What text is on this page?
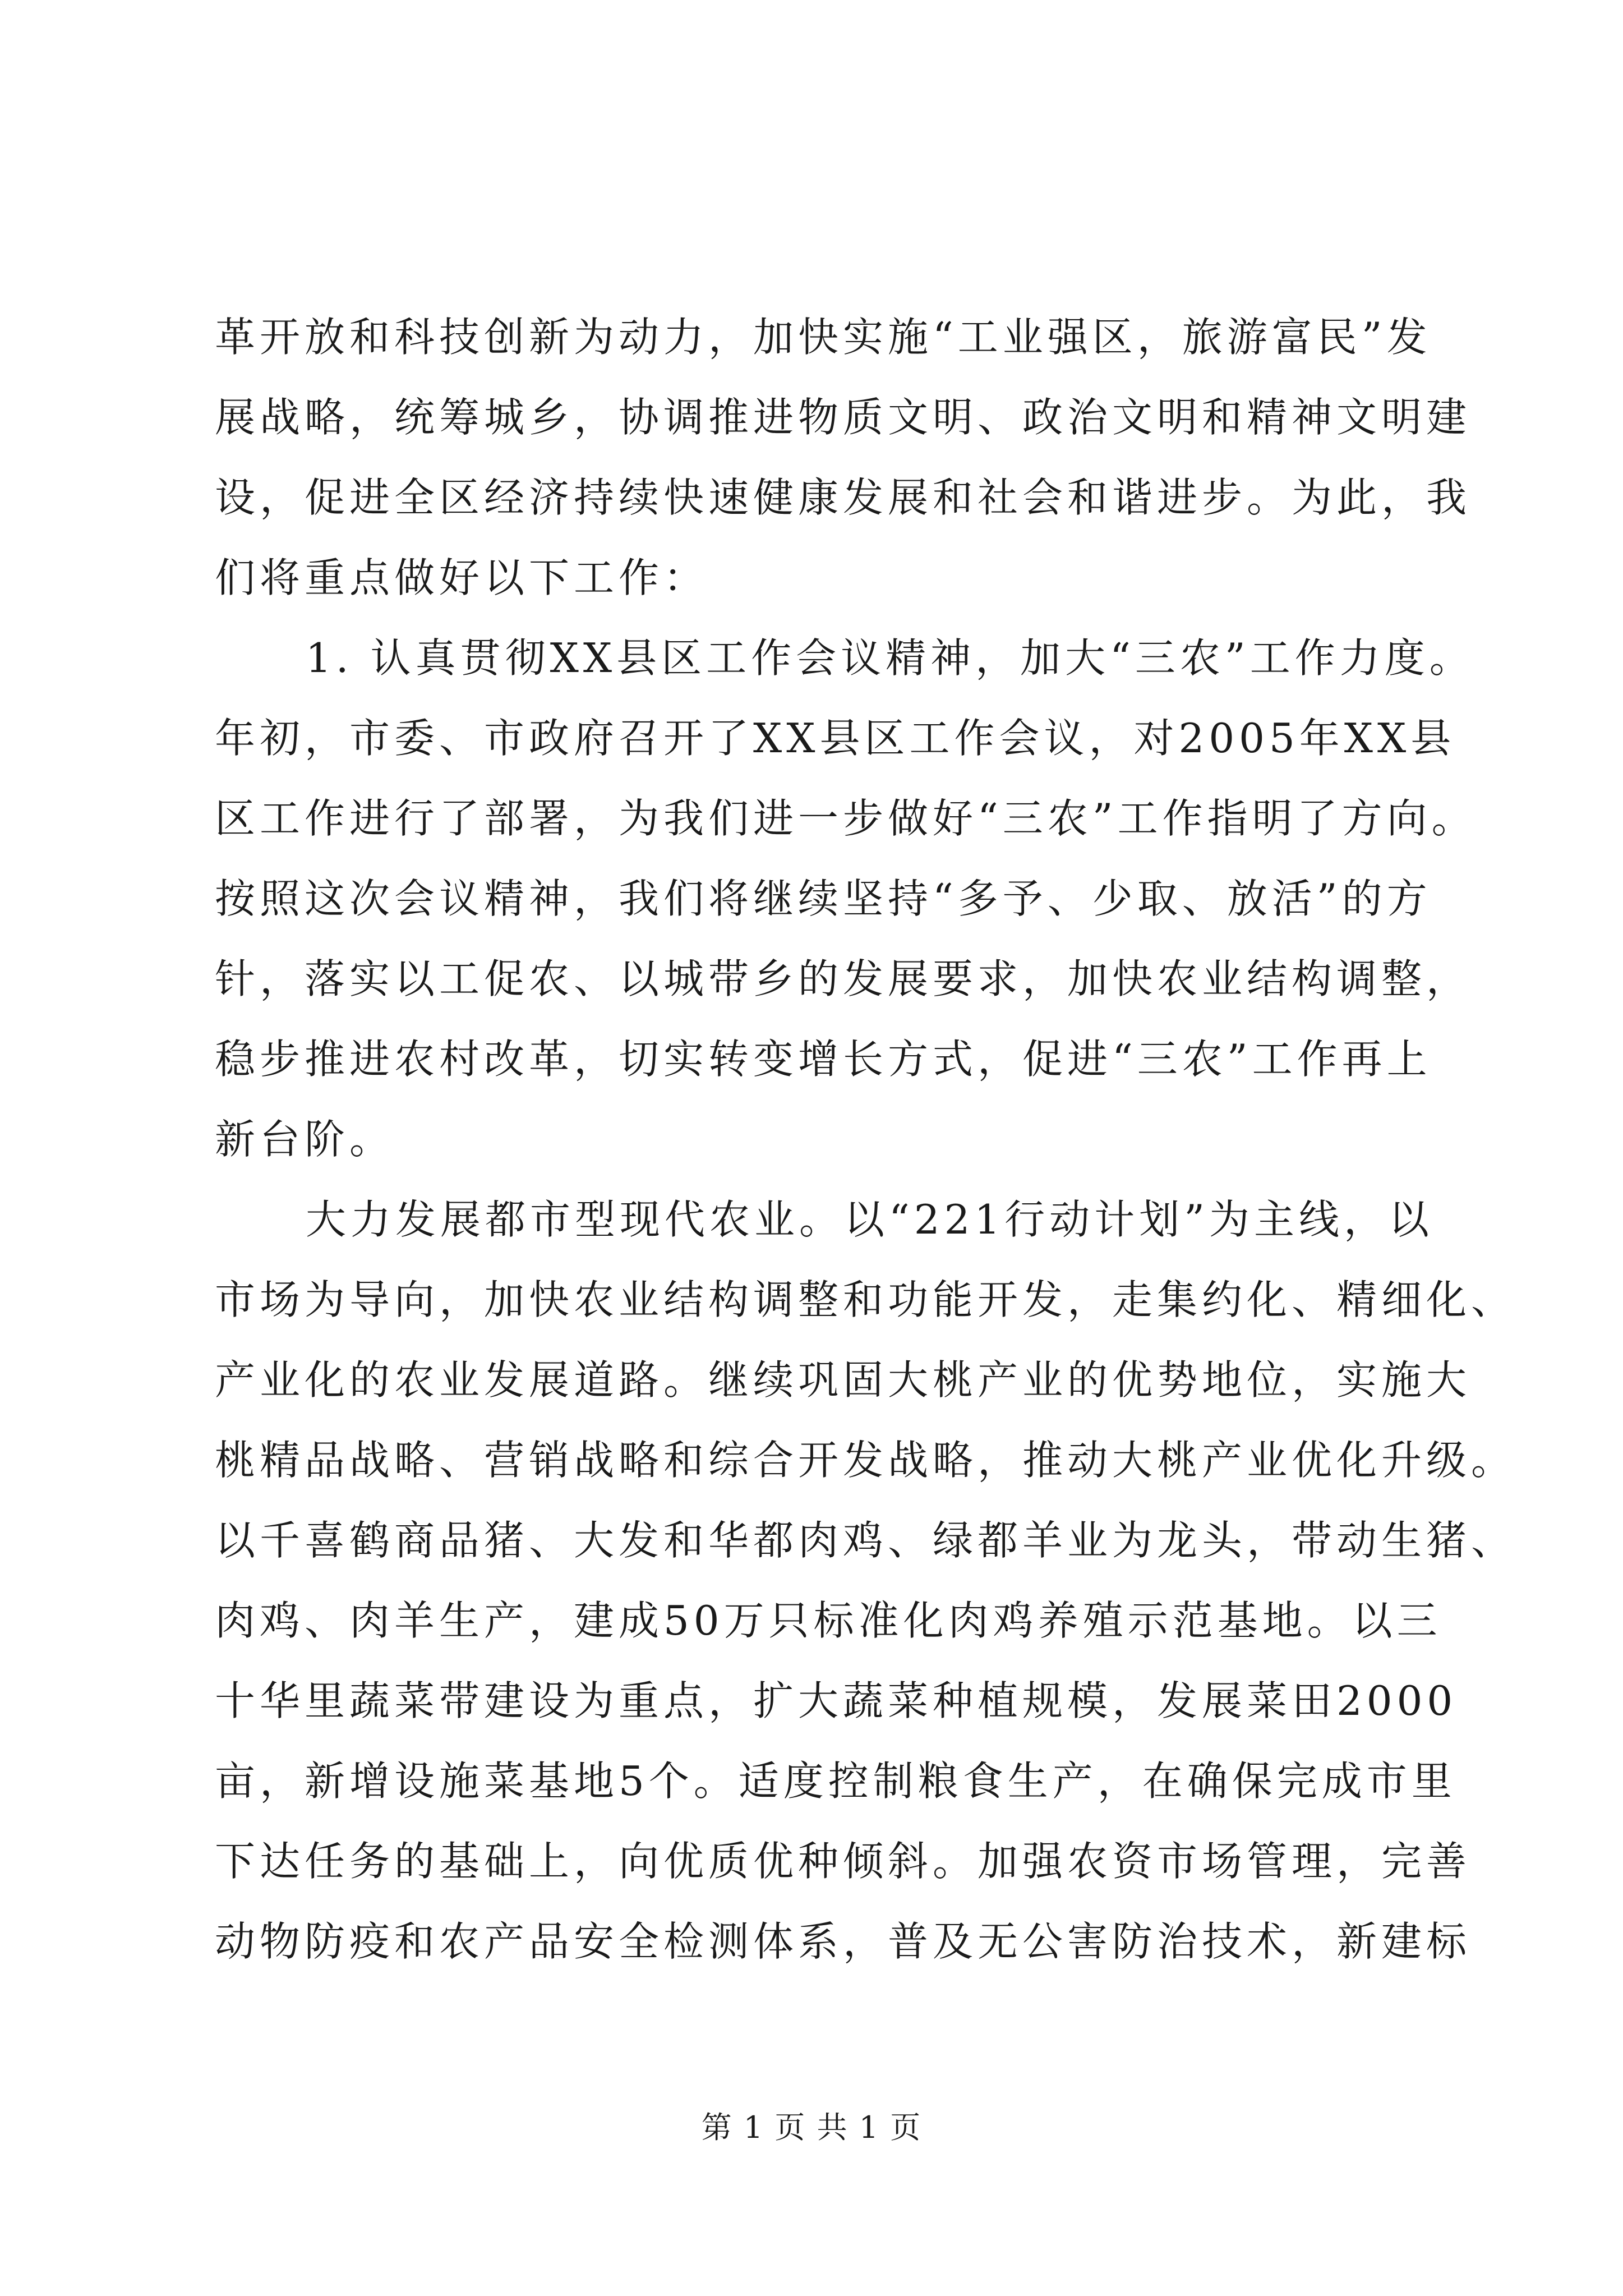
革开放和科技创新为动力，加快实施“工业强区，旅游富民”发
展战略，统筹城乡，协调推进物质文明、政治文明和精神文明建
设，促进全区经济持续快速健康发展和社会和谐进步。为此，我
们将重点做好以下工作：
1. 认真贯彻XX县区工作会议精神，加大“三农”工作力度。
年初，市委、市政府召开了XX县区工作会议，对2005年XX县
区工作进行了部署，为我们进一步做好“三农”工作指明了方向。
按照这次会议精神，我们将继续坚持“多予、少取、放活”的方
针，落实以工促农、以城带乡的发展要求，加快农业结构调整，
稳步推进农村改革，切实转变增长方式，促进“三农”工作再上
新台阶。
大力发展都市型现代农业。以“221行动计划”为主线，以
市场为导向，加快农业结构调整和功能开发，走集约化、精细化、
产业化的农业发展道路。继续巩固大桃产业的优势地位，实施大
桃精品战略、营销战略和综合开发战略，推动大桃产业优化升级。
以千喜鹤商品猪、大发和华都肉鸡、绿都羊业为龙头，带动生猪、
肉鸡、肉羊生产，建成50万只标准化肉鸡养殖示范基地。以三
十华里蔬菜带建设为重点，扩大蔬菜种植规模，发展菜田2000
亩，新增设施菜基地5个。适度控制粮食生产，在确保完成市里
下达任务的基础上，向优质优种倾斜。加强农资市场管理，完善
动物防疫和农产品安全检测体系，普及无公害防治技术，新建标
第 1 页 共 1 页
